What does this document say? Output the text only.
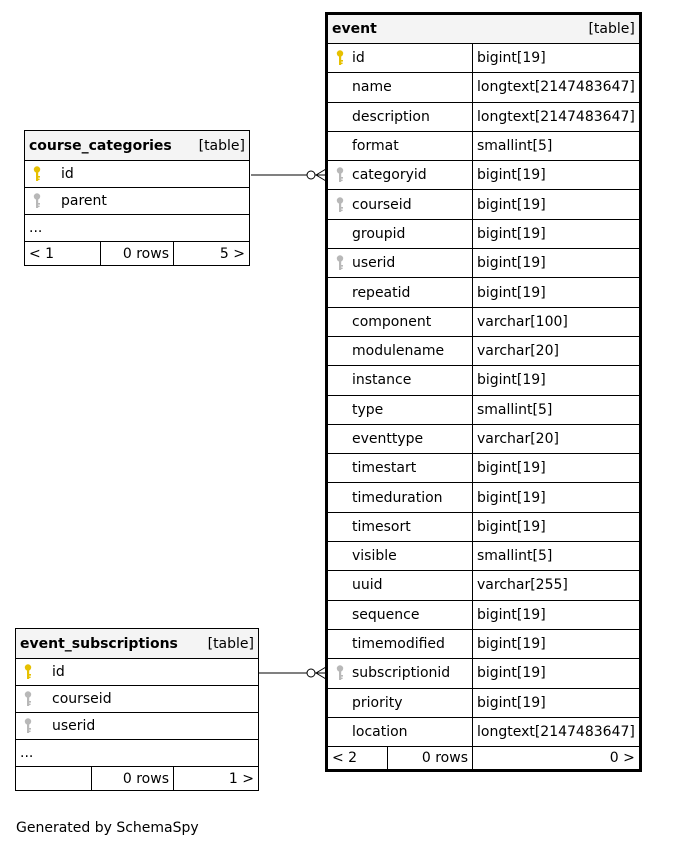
course_categories [table]

id

parent

...
< 1	0 rows	5 >
event_subscriptions [table]

id

courseid

userid

...
	0 rows	1 >
event [table]		

id		bigint[19]

name		longtext[2147483647]

description		longtext[2147483647]

format		smallint[5]

categoryid		bigint[19]

courseid		bigint[19]

groupid		bigint[19]

userid		bigint[19]

repeatid		bigint[19]

component		varchar[100]

modulename		varchar[20]

instance		bigint[19]

type		smallint[5]

eventtype		varchar[20]

timestart		bigint[19]

timeduration		bigint[19]

timesort		bigint[19]

visible		smallint[5]

uuid		varchar[255]

sequence		bigint[19]

timemodified		bigint[19]

subscriptionid		bigint[19]

priority		bigint[19]

location		longtext[2147483647]
< 2	0 rows	0 >
Generated by SchemaSpy
